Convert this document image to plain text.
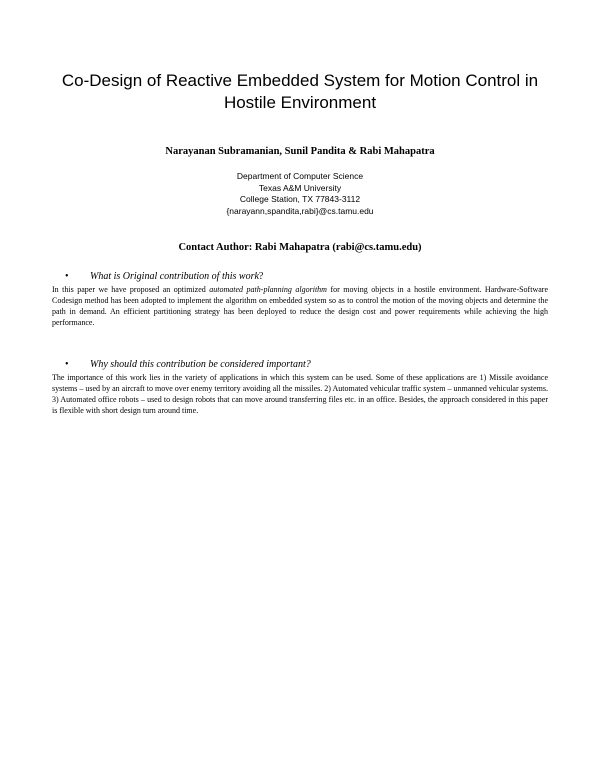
Co-Design of Reactive Embedded System for Motion Control in
Hostile Environment
Narayanan Subramanian, Sunil Pandita & Rabi Mahapatra
Department of Computer Science
Texas A&M University
College Station, TX 77843-3112
{narayann,spandita,rabi}@cs.tamu.edu
Contact Author: Rabi Mahapatra (rabi@cs.tamu.edu)
• What is Original contribution of this work?
In this paper we have proposed an optimized automated path-planning algorithm for moving objects in a hostile environment. Hardware-Software Codesign method has been adopted to implement the algorithm on embedded system so as to control the motion of the moving objects and determine the path in demand. An efficient partitioning strategy has been deployed to reduce the design cost and power requirements while achieving the high performance.
• Why should this contribution be considered important?
The importance of this work lies in the variety of applications in which this system can be used. Some of these applications are 1) Missile avoidance systems – used by an aircraft to move over enemy territory avoiding all the missiles. 2) Automated vehicular traffic system – unmanned vehicular systems. 3) Automated office robots – used to design robots that can move around transferring files etc. in an office. Besides, the approach considered in this paper is flexible with short design turn around time.
